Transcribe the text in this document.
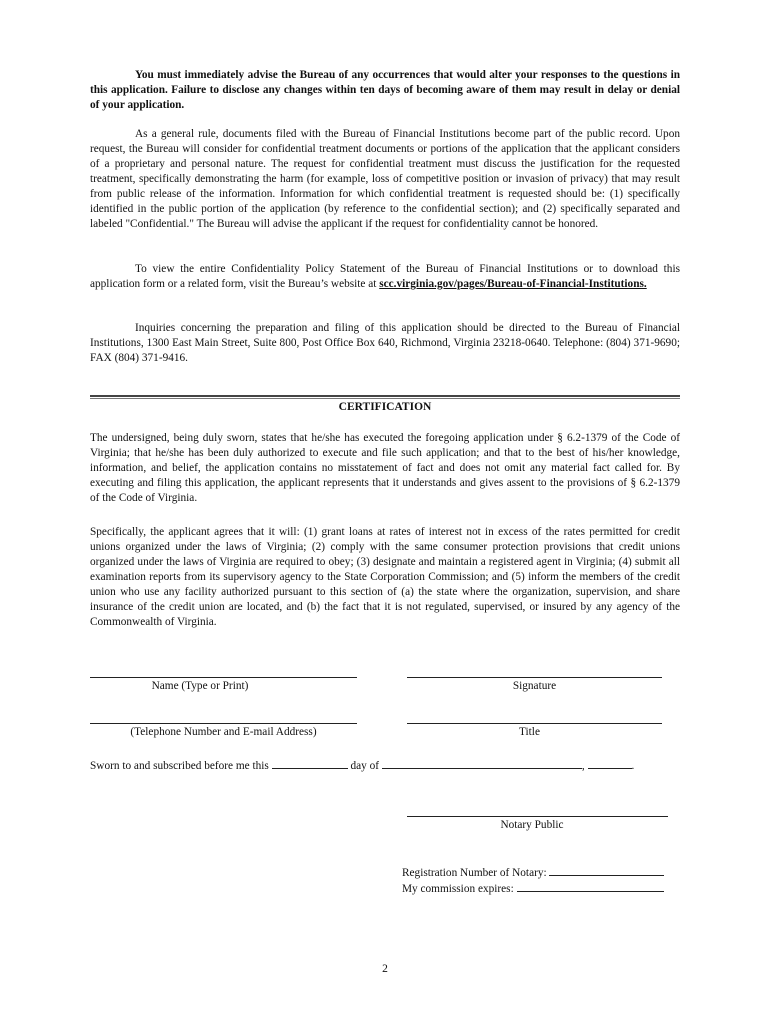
You must immediately advise the Bureau of any occurrences that would alter your responses to the questions in this application. Failure to disclose any changes within ten days of becoming aware of them may result in delay or denial of your application.
As a general rule, documents filed with the Bureau of Financial Institutions become part of the public record. Upon request, the Bureau will consider for confidential treatment documents or portions of the application that the applicant considers of a proprietary and personal nature. The request for confidential treatment must discuss the justification for the requested treatment, specifically demonstrating the harm (for example, loss of competitive position or invasion of privacy) that may result from public release of the information. Information for which confidential treatment is requested should be: (1) specifically identified in the public portion of the application (by reference to the confidential section); and (2) specifically separated and labeled "Confidential." The Bureau will advise the applicant if the request for confidentiality cannot be honored.
To view the entire Confidentiality Policy Statement of the Bureau of Financial Institutions or to download this application form or a related form, visit the Bureau’s website at scc.virginia.gov/pages/Bureau-of-Financial-Institutions.
Inquiries concerning the preparation and filing of this application should be directed to the Bureau of Financial Institutions, 1300 East Main Street, Suite 800, Post Office Box 640, Richmond, Virginia 23218-0640. Telephone: (804) 371-9690; FAX (804) 371-9416.
CERTIFICATION
The undersigned, being duly sworn, states that he/she has executed the foregoing application under § 6.2-1379 of the Code of Virginia; that he/she has been duly authorized to execute and file such application; and that to the best of his/her knowledge, information, and belief, the application contains no misstatement of fact and does not omit any material fact called for. By executing and filing this application, the applicant represents that it understands and gives assent to the provisions of § 6.2-1379 of the Code of Virginia.
Specifically, the applicant agrees that it will: (1) grant loans at rates of interest not in excess of the rates permitted for credit unions organized under the laws of Virginia; (2) comply with the same consumer protection provisions that credit unions organized under the laws of Virginia are required to obey; (3) designate and maintain a registered agent in Virginia; (4) submit all examination reports from its supervisory agency to the State Corporation Commission; and (5) inform the members of the credit union who use any facility authorized pursuant to this section of (a) the state where the organization, supervision, and share insurance of the credit union are located, and (b) the fact that it is not regulated, supervised, or insured by any agency of the Commonwealth of Virginia.
Name (Type or Print)	Signature
(Telephone Number and E-mail Address)	Title
Sworn to and subscribed before me this	day of	,	.
Notary Public
Registration Number of Notary:
My commission expires:
2
